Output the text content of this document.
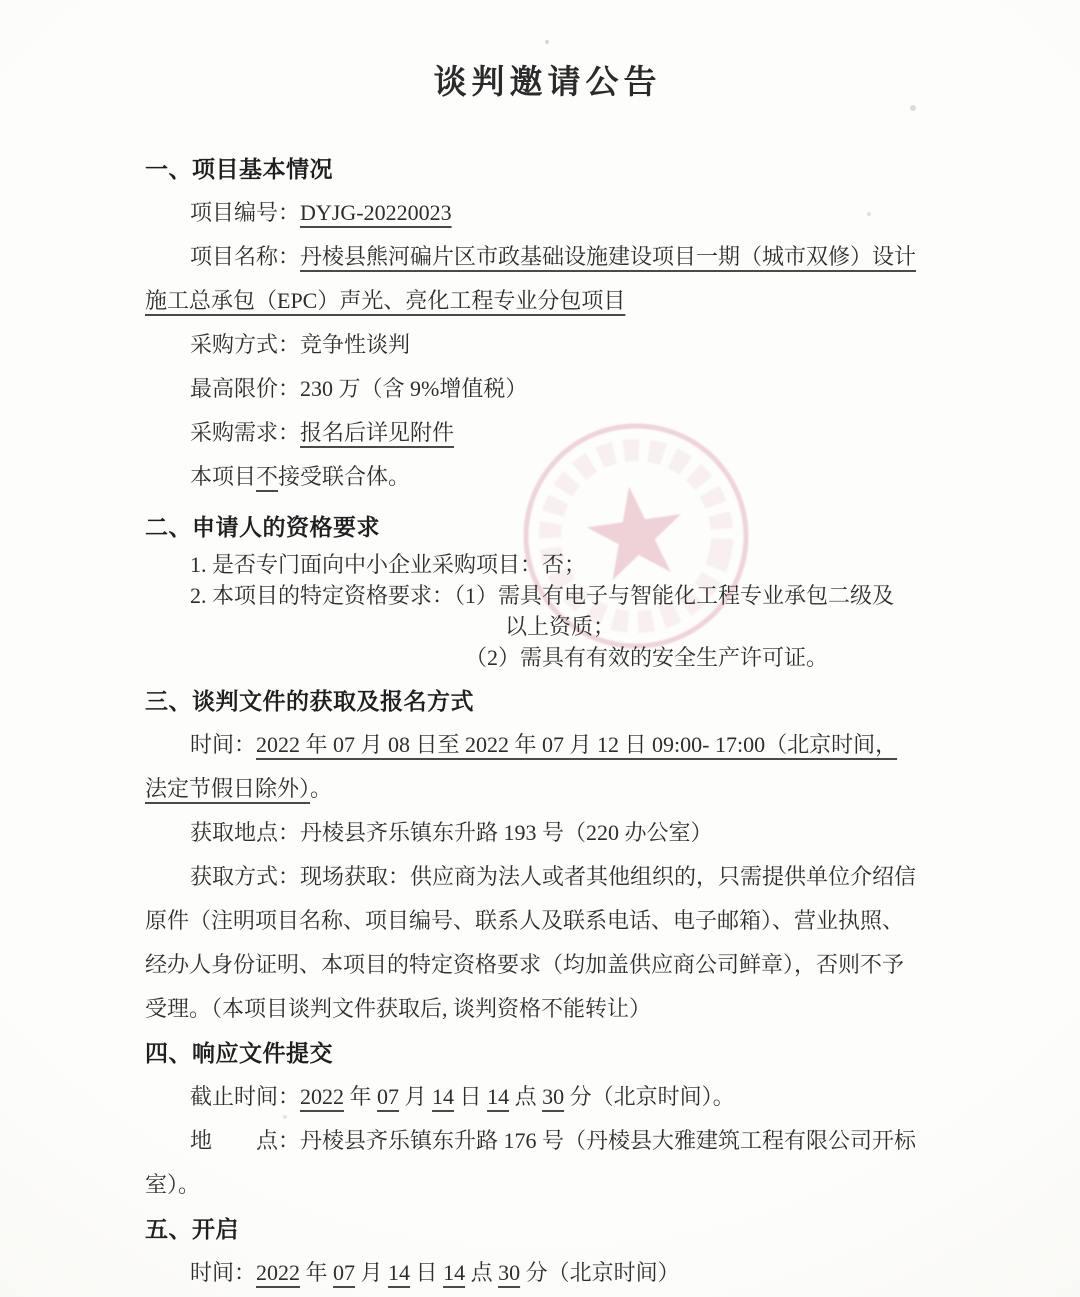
谈判邀请公告
一、项目基本情况

项目编号：DYJG-20220023

项目名称：丹棱县熊河碥片区市政基础设施建设项目一期（城市双修）设计

施工总承包（EPC）声光、亮化工程专业分包项目

采购方式：竞争性谈判

最高限价：230 万（含 9%增值税）

采购需求：报名后详见附件

本项目不接受联合体。

二、申请人的资格要求

1. 是否专门面向中小企业采购项目：否；

2. 本项目的特定资格要求：（1）需具有电子与智能化工程专业承包二级及

以上资质；

（2）需具有有效的安全生产许可证。

三、谈判文件的获取及报名方式

时间：2022 年 07 月 08 日至 2022 年 07 月 12 日 09:00- 17:00（北京时间，

法定节假日除外）。

获取地点：丹棱县齐乐镇东升路 193 号（220 办公室）

获取方式：现场获取：供应商为法人或者其他组织的，只需提供单位介绍信

原件（注明项目名称、项目编号、联系人及联系电话、电子邮箱）、营业执照、

经办人身份证明、本项目的特定资格要求（均加盖供应商公司鲜章），否则不予

受理。（本项目谈判文件获取后, 谈判资格不能转让）

四、响应文件提交

截止时间：2022 年 07 月 14 日 14 点 30 分（北京时间）。

地　　点：丹棱县齐乐镇东升路 176 号（丹棱县大雅建筑工程有限公司开标

室）。

五、开启

时间：2022 年 07 月 14 日 14 点 30 分（北京时间）
